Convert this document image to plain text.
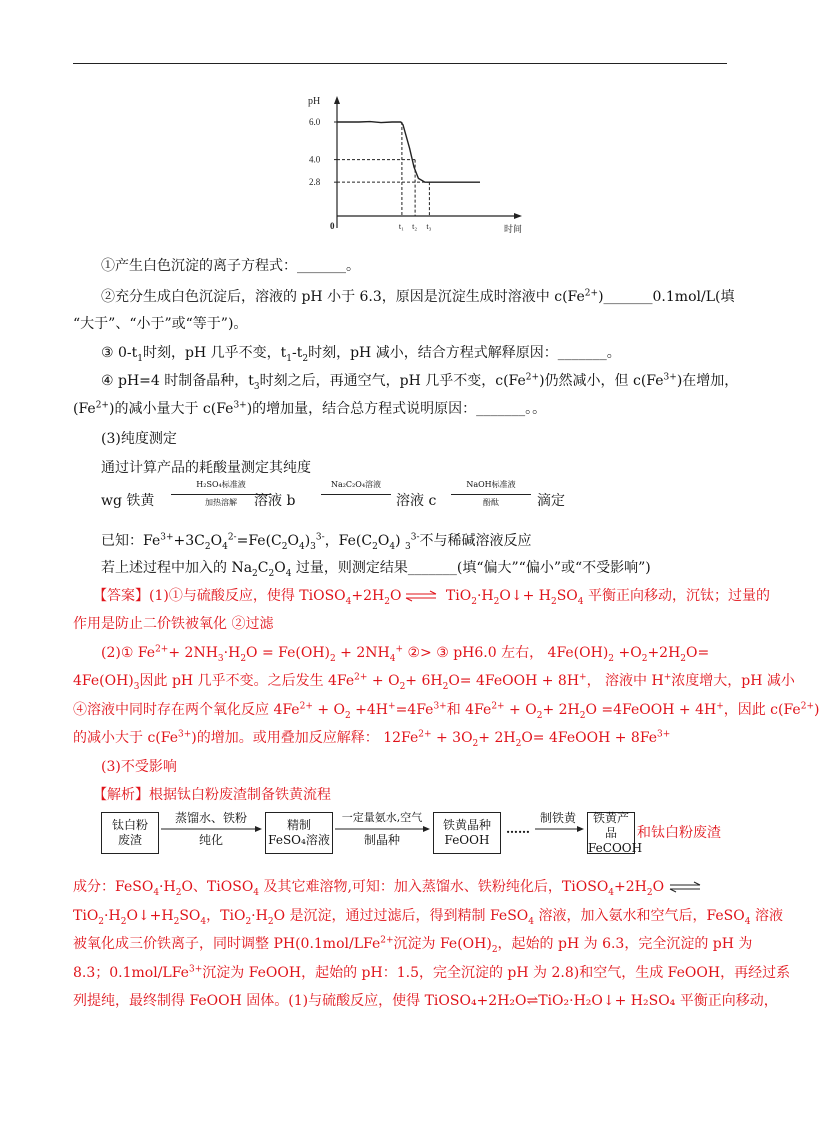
6.0
4.0
2.8
t₁ t₂ t₃
pH
0	时间
①产生白色沉淀的离子方程式：_______。
②充分生成白色沉淀后，溶液的 pH 小于 6.3，原因是沉淀生成时溶液中 $c(Fe^{2+})\_\_\_\_\_\_\_0.1mol/L$(填
“大于”、“小于”或“等于”)。
③ $0-t_1$时刻，pH 几乎不变，$t_1-t_2$时刻，pH 减小，结合方程式解释原因：_______。
④ pH=4 时制备晶种，$t_3$时刻之后，再通空气，pH 几乎不变，$c(Fe^{2+})$仍然减小，但 $c(Fe^{3+})$在增加，
$(Fe^{2+})$的减小量大于 $c(Fe^{3+})$的增加量，结合总方程式说明原因：_______。。
(3)纯度测定
通过计算产品的耗酸量测定其纯度
wg 铁黄
H₂SO₄标准液
加热溶解	溶液 b
Na₂C₂O₄溶液
溶液 c
NaOH标准液
酚酞	滴定
已知：$Fe^{3+}+3C_2O_4^{2-}=Fe(C_2O_4)_3^{3-}$，$Fe(C_2O_4)$ $_3^{3-}$不与稀碱溶液反应
若上述过程中加入的 $Na_2C_2O_4$ 过量，则测定结果_______(填“偏大”“偏小”或“不受影响”)
【答案】(1)①与硫酸反应，使得 $TiOSO_4+2H_2O$ ⇌ $TiO_2\cdot H_2O↓+ H_2SO_4$ 平衡正向移动，沉钛；过量的
作用是防止二价铁被氧化 ②过滤
(2)① $Fe^{2+}+ 2NH_3\cdot H_2O = Fe(OH)_2 + 2NH_4^+$ ②> ③ pH6.0 左右， $4Fe(OH)_2 +O_2+2H_2O=$
$4Fe(OH)_3$因此 pH 几乎不变。之后发生 $4Fe^{2+} + O_2+ 6H_2O=$ 4FeOOH + 8H+， 溶液中 H+浓度增大，pH 减小
④溶液中同时存在两个氧化反应 $4Fe^{2+} + O_2 +4H^+=4Fe^{3+}$和 $4Fe^{2+} + O_2+ 2H_2O$ =4FeOOH + 4H+，因此 $c(Fe^{2+})$
的减小大于 $c(Fe^{3+})$的增加。或用叠加反应解释： $12Fe^{2+} + 3O_2+ 2H_2O=$ 4FeOOH + $8Fe^{3+}$
(3)不受影响
【解析】根据钛白粉废渣制备铁黄流程
钛白粉
废渣
蒸馏水、铁粉
纯化
精制
FeSO₄溶液
一定量氨水,空气
制晶种
铁黄晶种
FeOOH
……
制铁黄	铁黄产品
FeCOOH
和钛白粉废渣
成分：$FeSO_4\cdot H_2O$、TiOSO$_4$ 及其它难溶物,可知：加入蒸馏水、铁粉纯化后，$TiOSO_4+2H_2O$ ⇌
$TiO_2\cdot H_2O↓+H_2SO_4$，$TiO_2\cdot H_2O$ 是沉淀，通过过滤后，得到精制 FeSO$_4$ 溶液，加入氨水和空气后，FeSO$_4$ 溶液
被氧化成三价铁离子，同时调整 PH(0.1mol/LFe$^{2+}$沉淀为 $Fe(OH)_2$，起始的 pH 为 6.3，完全沉淀的 pH 为
8.3；0.1mol/LFe$^{3+}$沉淀为 FeOOH，起始的 pH：1.5，完全沉淀的 pH 为 2.8)和空气，生成 FeOOH，再经过系
列提纯，最终制得 FeOOH 固体。(1)与硫酸反应，使得 TiOSO₄+2H₂O⇌TiO₂·H₂O↓+ H₂SO₄ 平衡正向移动，
